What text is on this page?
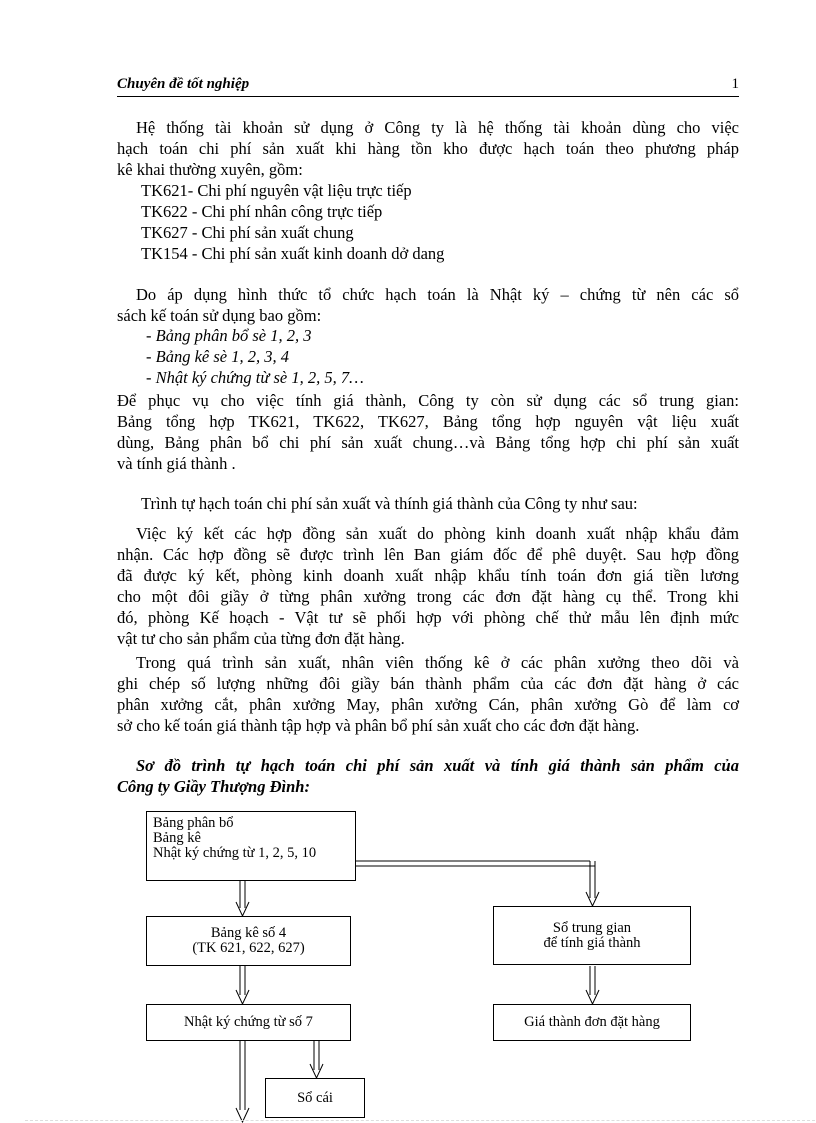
Chuyên đề tốt nghiệp	1
Hệ thống tài khoản sử dụng ở Công ty là hệ thống tài khoản dùng cho việc
hạch toán chi phí sản xuất khi hàng tồn kho được hạch toán theo phương pháp
kê khai thường xuyên, gồm:
TK621- Chi phí nguyên vật liệu trực tiếp
TK622 - Chi phí nhân công trực tiếp
TK627 - Chi phí sản xuất chung
TK154 - Chi phí sản xuất kinh doanh dở dang
Do áp dụng hình thức tổ chức hạch toán là Nhật ký – chứng từ nên các sổ
sách kế toán sử dụng bao gồm:
- Bảng phân bổ sè 1, 2, 3
- Bảng kê sè 1, 2, 3, 4
- Nhật ký chứng từ sè 1, 2, 5, 7…
Để phục vụ cho việc tính giá thành, Công ty còn sử dụng các sổ trung gian:
Bảng tổng hợp TK621, TK622, TK627, Bảng tổng hợp nguyên vật liệu xuất
dùng, Bảng phân bổ chi phí sản xuất chung…và Bảng tổng hợp chi phí sản xuất
và tính giá thành .
Trình tự hạch toán chi phí sản xuất và thính giá thành của Công ty như sau:
Việc ký kết các hợp đồng sản xuất do phòng kinh doanh xuất nhập khẩu đảm
nhận. Các hợp đồng sẽ được trình lên Ban giám đốc để phê duyệt. Sau hợp đồng
đã được ký kết, phòng kinh doanh xuất nhập khẩu tính toán đơn giá tiền lương
cho một đôi giầy ở từng phân xưởng trong các đơn đặt hàng cụ thể. Trong khi
đó, phòng Kế hoạch - Vật tư sẽ phối hợp với phòng chế thử mẫu lên định mức
vật tư cho sản phẩm của từng đơn đặt hàng.
Trong quá trình sản xuất, nhân viên thống kê ở các phân xưởng theo dõi và
ghi chép số lượng những đôi giầy bán thành phẩm của các đơn đặt hàng ở các
phân xưởng cắt, phân xưởng May, phân xưởng Cán, phân xưởng Gò để làm cơ
sở cho kế toán giá thành tập hợp và phân bổ phí sản xuất cho các đơn đặt hàng.
Sơ đồ trình tự hạch toán chi phí sản xuất và tính giá thành sản phẩm của
Công ty Giầy Thượng Đình:
Bảng phân bổ
Bảng kê
Nhật ký chứng từ 1, 2, 5, 10
Bảng kê số 4
(TK 621, 622, 627)
Sổ trung gian
để tính giá thành
Nhật ký chứng từ số 7	Giá thành đơn đặt hàng
Sổ cái
